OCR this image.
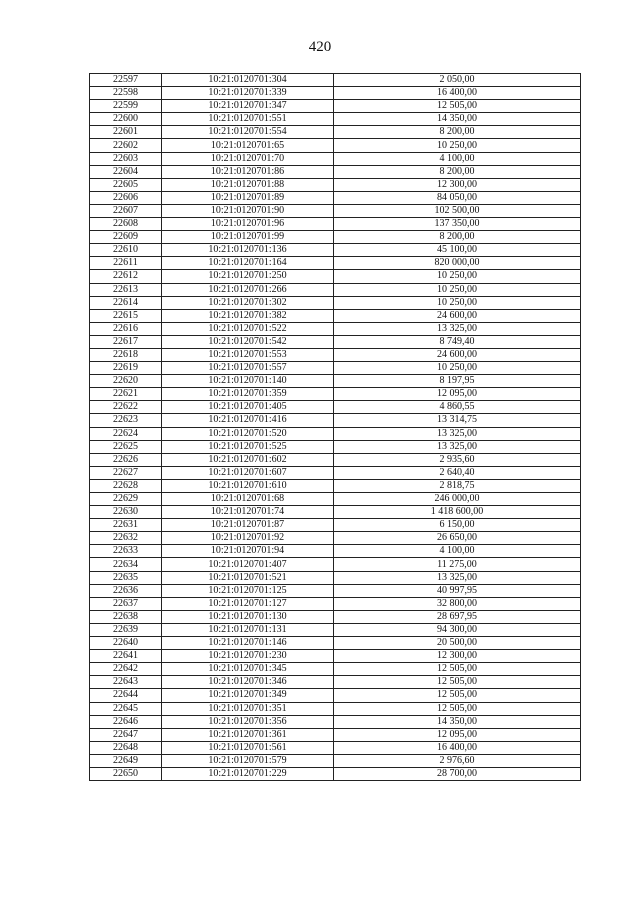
420
22597	10:21:0120701:304	2 050,00
22598	10:21:0120701:339	16 400,00
22599	10:21:0120701:347	12 505,00
22600	10:21:0120701:551	14 350,00
22601	10:21:0120701:554	8 200,00
22602	10:21:0120701:65	10 250,00
22603	10:21:0120701:70	4 100,00
22604	10:21:0120701:86	8 200,00
22605	10:21:0120701:88	12 300,00
22606	10:21:0120701:89	84 050,00
22607	10:21:0120701:90	102 500,00
22608	10:21:0120701:96	137 350,00
22609	10:21:0120701:99	8 200,00
22610	10:21:0120701:136	45 100,00
22611	10:21:0120701:164	820 000,00
22612	10:21:0120701:250	10 250,00
22613	10:21:0120701:266	10 250,00
22614	10:21:0120701:302	10 250,00
22615	10:21:0120701:382	24 600,00
22616	10:21:0120701:522	13 325,00
22617	10:21:0120701:542	8 749,40
22618	10:21:0120701:553	24 600,00
22619	10:21:0120701:557	10 250,00
22620	10:21:0120701:140	8 197,95
22621	10:21:0120701:359	12 095,00
22622	10:21:0120701:405	4 860,55
22623	10:21:0120701:416	13 314,75
22624	10:21:0120701:520	13 325,00
22625	10:21:0120701:525	13 325,00
22626	10:21:0120701:602	2 935,60
22627	10:21:0120701:607	2 640,40
22628	10:21:0120701:610	2 818,75
22629	10:21:0120701:68	246 000,00
22630	10:21:0120701:74	1 418 600,00
22631	10:21:0120701:87	6 150,00
22632	10:21:0120701:92	26 650,00
22633	10:21:0120701:94	4 100,00
22634	10:21:0120701:407	11 275,00
22635	10:21:0120701:521	13 325,00
22636	10:21:0120701:125	40 997,95
22637	10:21:0120701:127	32 800,00
22638	10:21:0120701:130	28 697,95
22639	10:21:0120701:131	94 300,00
22640	10:21:0120701:146	20 500,00
22641	10:21:0120701:230	12 300,00
22642	10:21:0120701:345	12 505,00
22643	10:21:0120701:346	12 505,00
22644	10:21:0120701:349	12 505,00
22645	10:21:0120701:351	12 505,00
22646	10:21:0120701:356	14 350,00
22647	10:21:0120701:361	12 095,00
22648	10:21:0120701:561	16 400,00
22649	10:21:0120701:579	2 976,60
22650	10:21:0120701:229	28 700,00
